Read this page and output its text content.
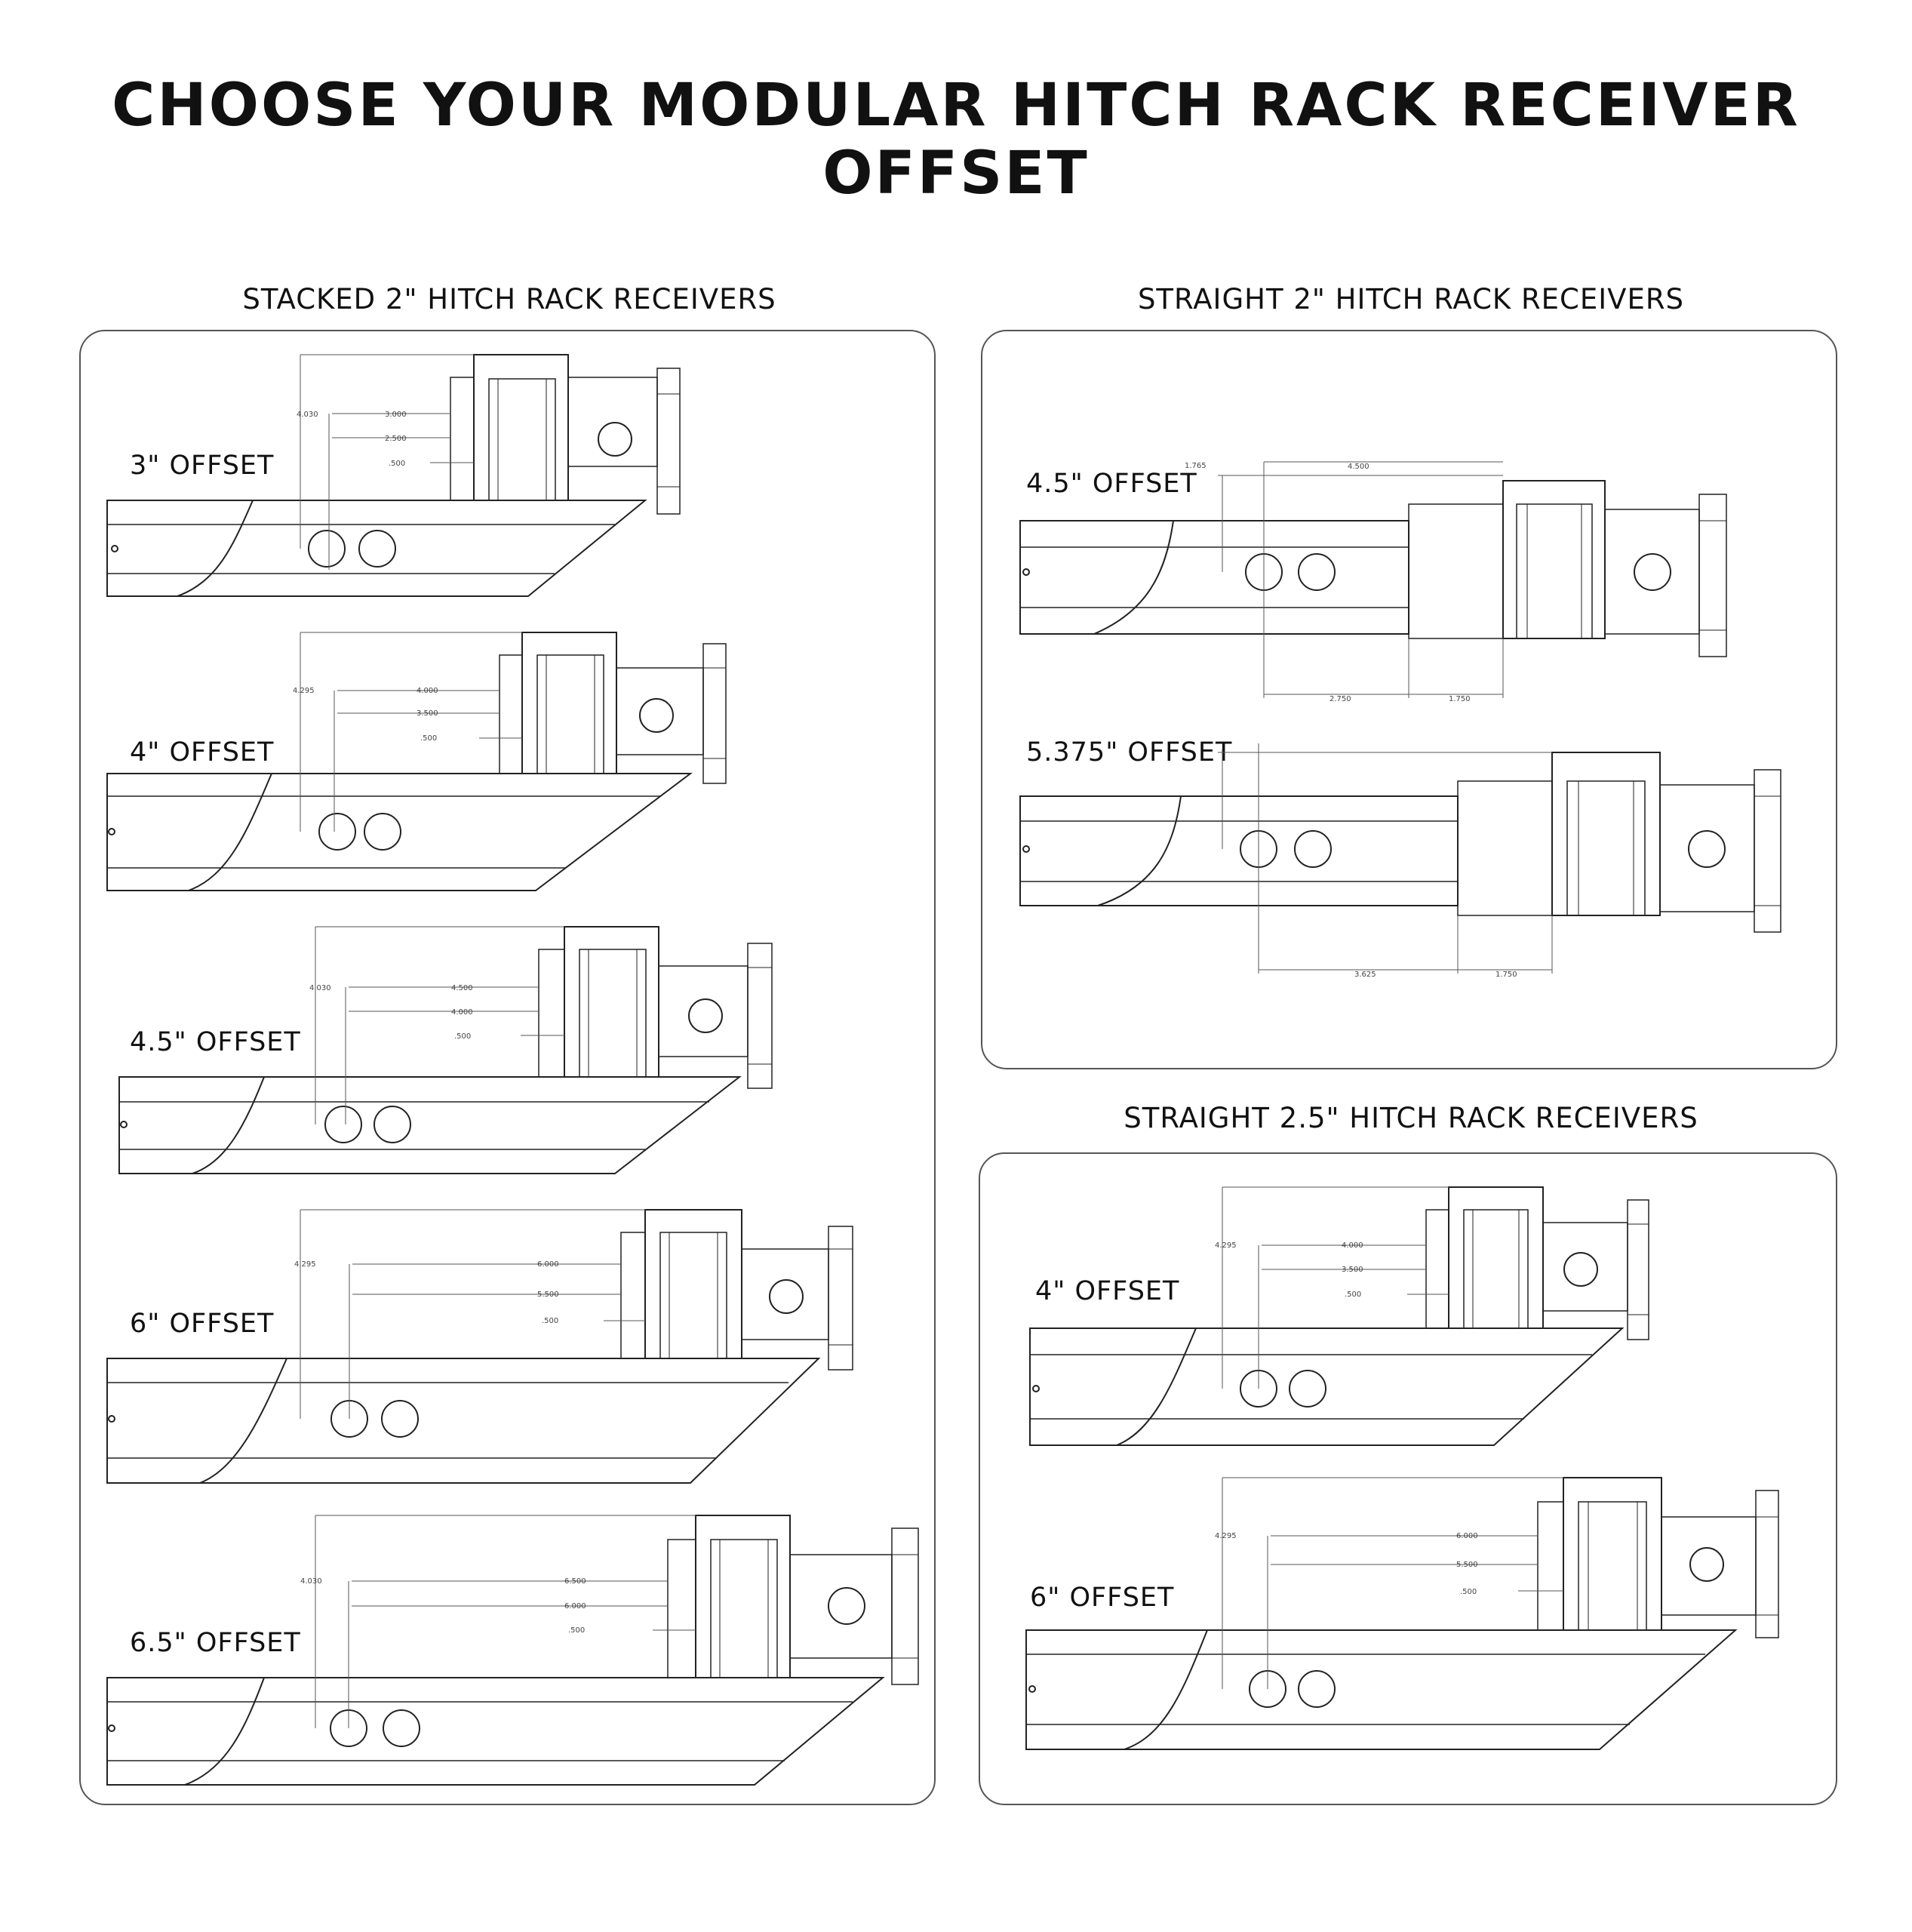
CHOOSE YOUR MODULAR HITCH RACK RECEIVER OFFSET
STACKED 2" HITCH RACK RECEIVERS	STRAIGHT 2" HITCH RACK RECEIVERS
STRAIGHT 2.5" HITCH RACK RECEIVERS
3" OFFSET
4.030	3.000
2.500
.500
4" OFFSET
4.295	4.000
3.500
.500
4.5" OFFSET
4.030	4.500
4.000
.500
6" OFFSET
4.295	6.000
5.500
.500
6.5" OFFSET
4.030	6.500
6.000
.500
4.5" OFFSET
1.765	4.500
2.750	1.750
5.375" OFFSET
3.625	1.750
4" OFFSET
4.295	4.000
3.500
.500
6" OFFSET
4.295	6.000
5.500
.500
